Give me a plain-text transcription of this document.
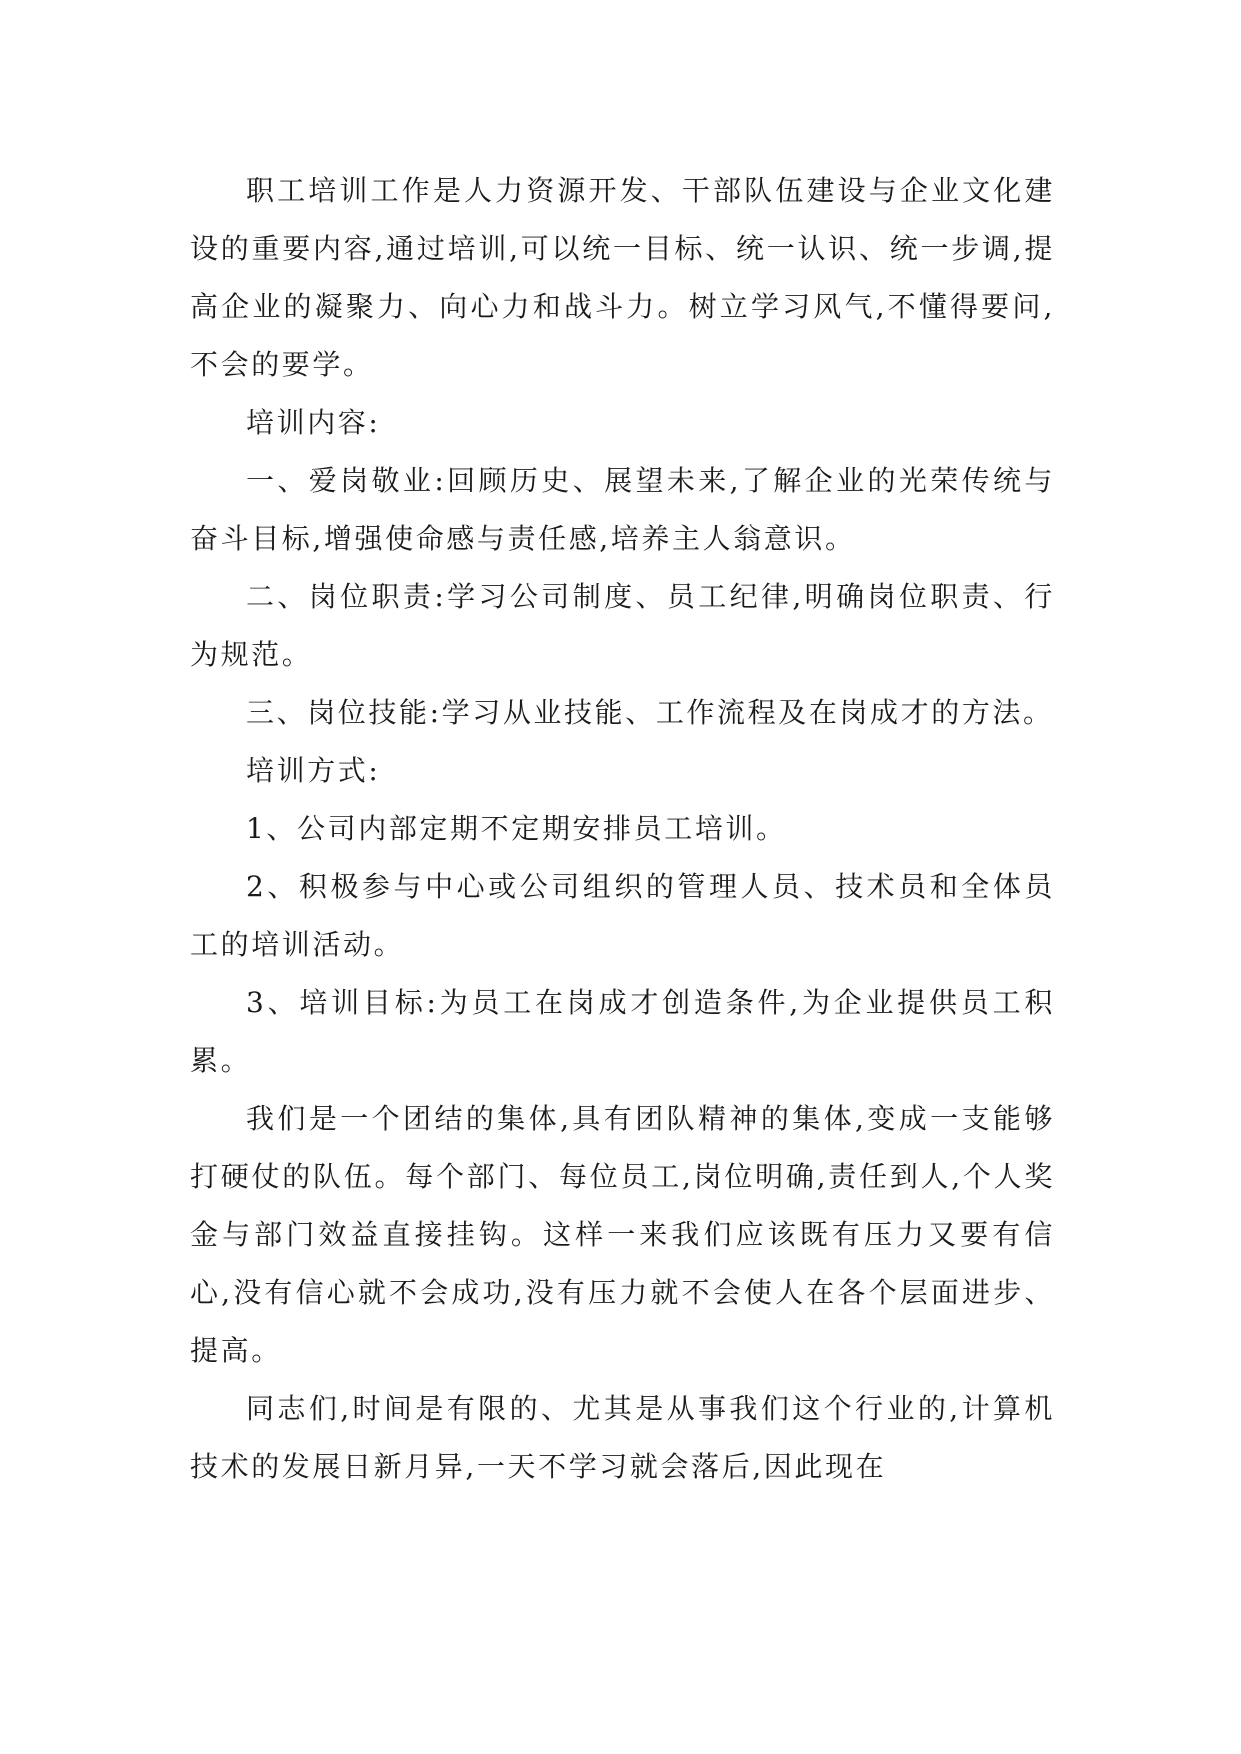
职工培训工作是人力资源开发、干部队伍建设与企业文化建设的重要内容,通过培训,可以统一目标、统一认识、统一步调,提高企业的凝聚力、向心力和战斗力。树立学习风气,不懂得要问,不会的要学。

培训内容:

一、爱岗敬业:回顾历史、展望未来,了解企业的光荣传统与奋斗目标,增强使命感与责任感,培养主人翁意识。

二、岗位职责:学习公司制度、员工纪律,明确岗位职责、行为规范。

三、岗位技能:学习从业技能、工作流程及在岗成才的方法。

培训方式:

1、公司内部定期不定期安排员工培训。

2、积极参与中心或公司组织的管理人员、技术员和全体员工的培训活动。

3、培训目标:为员工在岗成才创造条件,为企业提供员工积累。

我们是一个团结的集体,具有团队精神的集体,变成一支能够打硬仗的队伍。每个部门、每位员工,岗位明确,责任到人,个人奖金与部门效益直接挂钩。这样一来我们应该既有压力又要有信心,没有信心就不会成功,没有压力就不会使人在各个层面进步、提高。

同志们,时间是有限的、尤其是从事我们这个行业的,计算机技术的发展日新月异,一天不学习就会落后,因此现在
